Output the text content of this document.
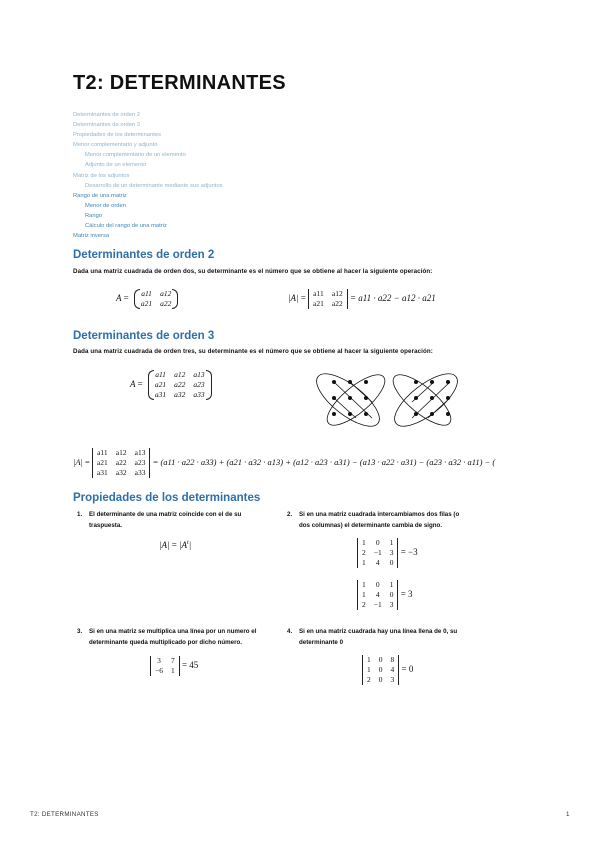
T2: DETERMINANTES
Determinantes de orden 2
Determinantes de orden 3
Propiedades de los determinantes
Menor complementario y adjunto
Menor complementario de un elemento
Adjunto de un elemento
Matriz de los adjuntos
Desarrollo de un determinante mediante sus adjuntos
Rango de una matriz
Menor de orden
Rango
Cálculo del rango de una matriz
Matriz inversa
Determinantes de orden 2
Dada una matriz cuadrada de orden dos, su determinante es el número que se obtiene al hacer la siguiente operación:
A = a11	a12
a21	a22
|A| = a11	a12
a21	a22
= a11 · a22 − a12 · a21
Determinantes de orden 3
Dada una matriz cuadrada de orden tres, su determinante es el número que se obtiene al hacer la siguiente operación:
A =
a11	a12	a13
a21	a22	a23
a31	a32	a33
|A| =
a11	a12	a13
a21	a22	a23
a31	a32	a33
= (a11 · a22 · a33) + (a21 · a32 · a13) + (a12 · a23 · a31) − (a13 · a22 · a31) − (a23 · a32 · a11) − (
Propiedades de los determinantes
1. El determinante de una matriz coincide con el de su
traspuesta.
$|A| = |A^t|$
2. Si en una matriz cuadrada intercambiamos dos filas (o
dos columnas) el determinante cambia de signo.
1	0	1
2	−1	3
1	4	0
= −3
1	0	1
1	4	0
2	−1	3
= 3
3. Si en una matriz se multiplica una línea por un numero el
determinante queda multiplicado por dicho número.
3	7
−6	1
= 45
4. Si en una matriz cuadrada hay una línea llena de 0, su
determinante 0
1	0	8
1	0	4
2	0	3
= 0
T2: DETERMINANTES	1
